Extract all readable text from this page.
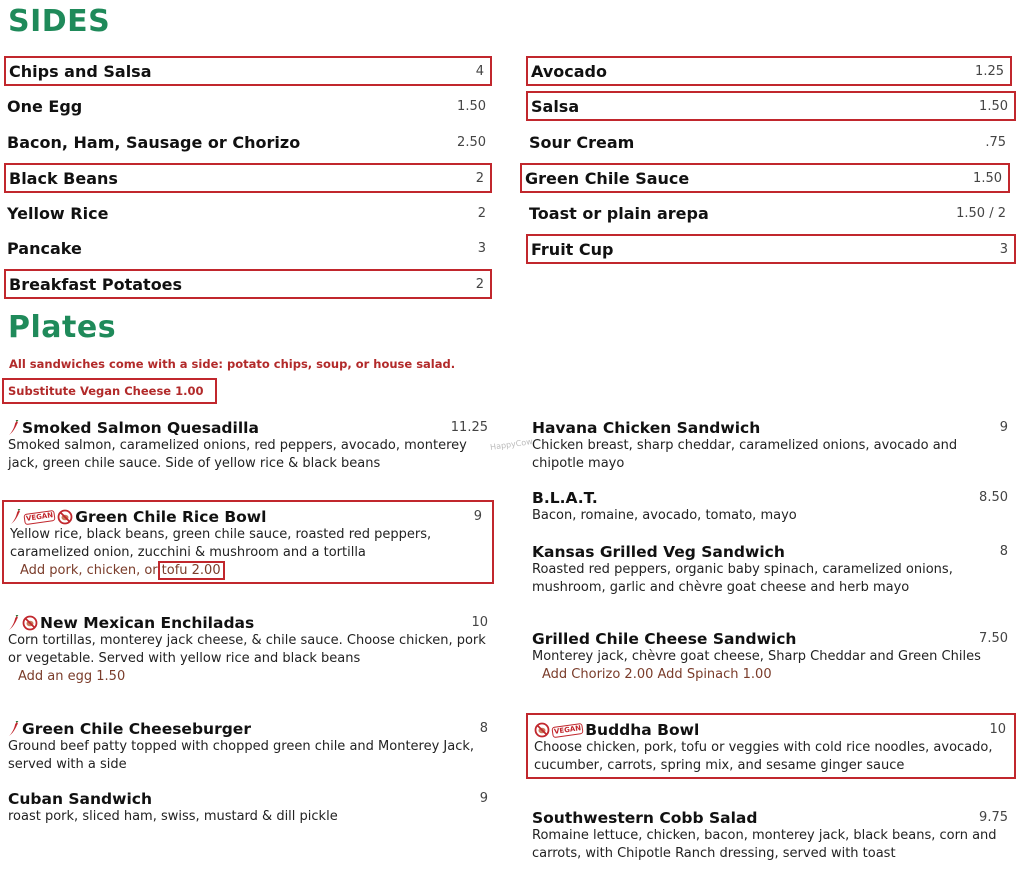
SIDES
Chips and Salsa	4
One Egg	1.50
Bacon, Ham, Sausage or Chorizo	2.50
Black Beans	2
Yellow Rice	2
Pancake	3
Breakfast Potatoes	2
Avocado	1.25
Salsa	1.50
Sour Cream	.75
Green Chile Sauce	1.50
Toast or plain arepa	1.50 / 2
Fruit Cup	3
Plates

All sandwiches come with a side: potato chips, soup, or house salad.

Substitute Vegan Cheese 1.00

HappyCow
Smoked Salmon Quesadilla	11.25

Smoked salmon, caramelized onions, red peppers, avocado, monterey jack, green chile sauce. Side of yellow rice & black beans

VEGAN Green Chile Rice Bowl	9

Yellow rice, black beans, green chile sauce, roasted red peppers, caramelized onion, zucchini & mushroom and a tortilla

Add pork, chicken, or tofu 2.00
New Mexican Enchiladas	10

Corn tortillas, monterey jack cheese, & chile sauce. Choose chicken, pork or vegetable. Served with yellow rice and black beans

Add an egg 1.50
Green Chile Cheeseburger	8

Ground beef patty topped with chopped green chile and Monterey Jack, served with a side

Cuban Sandwich	9

roast pork, sliced ham, swiss, mustard & dill pickle

Havana Chicken Sandwich	9

Chicken breast, sharp cheddar, caramelized onions, avocado and chipotle mayo

B.L.A.T.	8.50

Bacon, romaine, avocado, tomato, mayo

Kansas Grilled Veg Sandwich	8

Roasted red peppers, organic baby spinach, caramelized onions, mushroom, garlic and chèvre goat cheese and herb mayo

Grilled Chile Cheese Sandwich	7.50

Monterey jack, chèvre goat cheese, Sharp Cheddar and Green Chiles

Add Chorizo 2.00 Add Spinach 1.00
VEGAN Buddha Bowl	10

Choose chicken, pork, tofu or veggies with cold rice noodles, avocado, cucumber, carrots, spring mix, and sesame ginger sauce

Southwestern Cobb Salad	9.75

Romaine lettuce, chicken, bacon, monterey jack, black beans, corn and carrots, with Chipotle Ranch dressing, served with toast
